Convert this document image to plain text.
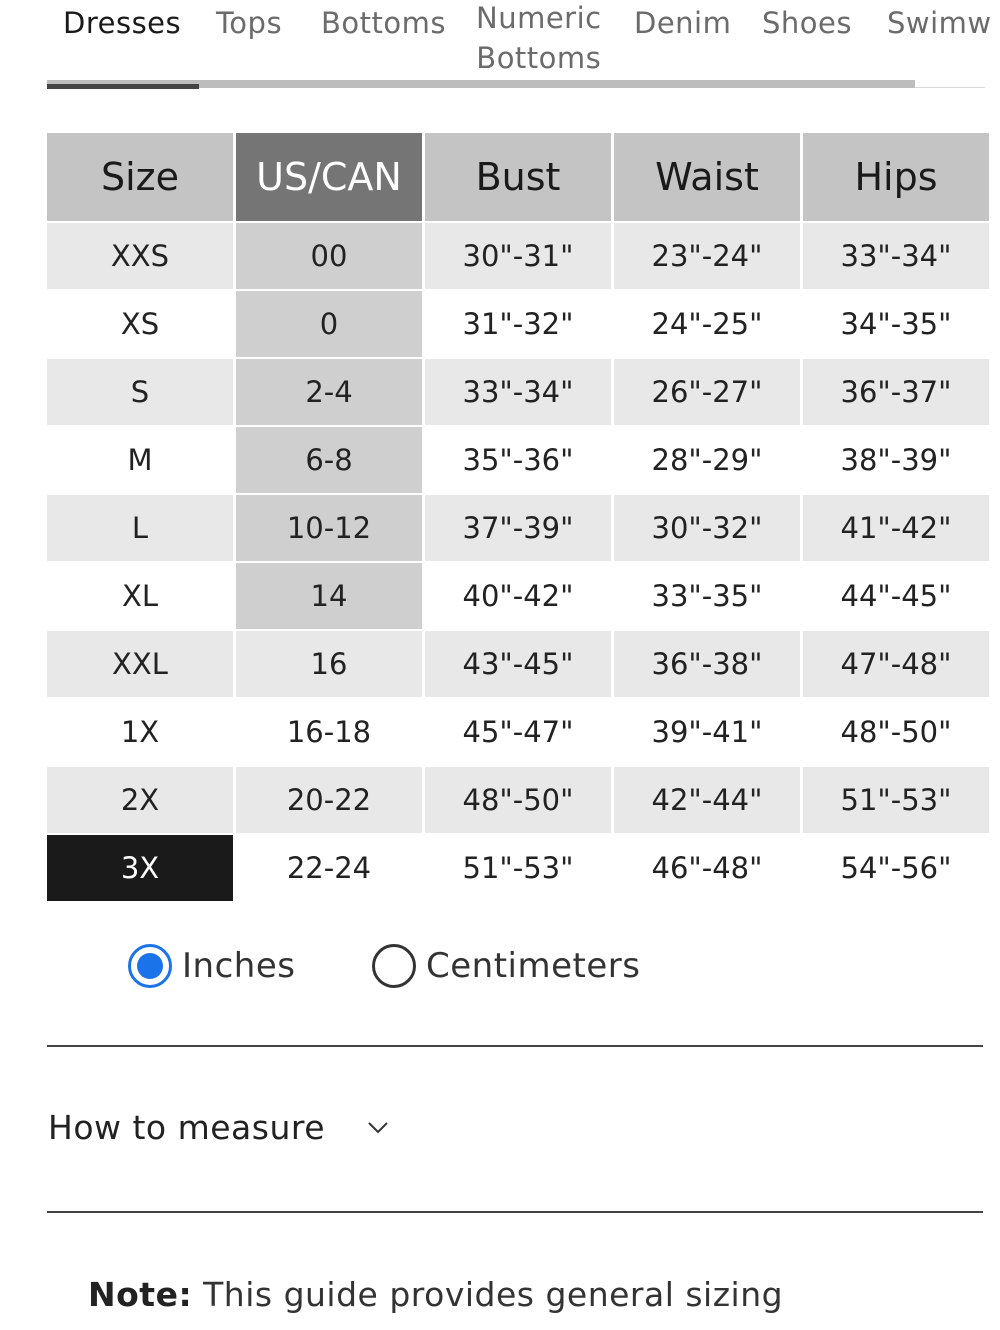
Dresses Tops Bottoms Numeric
Bottoms
Denim Shoes Swimw
Size	US/CAN	Bust	Waist	Hips
XXS	00	30"-31"	23"-24"	33"-34"
XS	0	31"-32"	24"-25"	34"-35"
S	2-4	33"-34"	26"-27"	36"-37"
M	6-8	35"-36"	28"-29"	38"-39"
L	10-12	37"-39"	30"-32"	41"-42"
XL	14	40"-42"	33"-35"	44"-45"
XXL	16	43"-45"	36"-38"	47"-48"
1X	16-18	45"-47"	39"-41"	48"-50"
2X	20-22	48"-50"	42"-44"	51"-53"
3X	22-24	51"-53"	46"-48"	54"-56"
Inches	Centimeters
How to measure
Note: This guide provides general sizing
